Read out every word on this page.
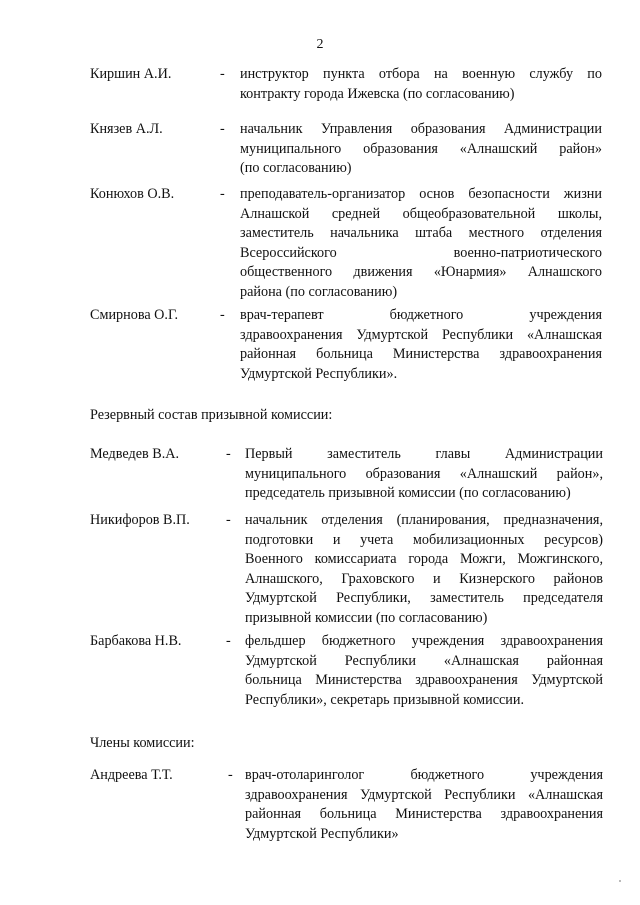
2
Киршин А.И.	- инструктор пункта отбора на военную службу по
контракту города Ижевска (по согласованию)
Князев А.Л.	- начальник Управления образования Администрации
муниципального образования «Алнашский район»
(по согласованию)
Конюхов О.В.	- преподаватель-организатор основ безопасности жизни
Алнашской средней общеобразовательной школы,
заместитель начальника штаба местного отделения
Всероссийского военно-патриотического
общественного движения «Юнармия» Алнашского
района (по согласованию)
Смирнова О.Г.	- врач-терапевт бюджетного учреждения
здравоохранения Удмуртской Республики «Алнашская
районная больница Министерства здравоохранения
Удмуртской Республики».
Резервный состав призывной комиссии:
Медведев В.А.	- Первый заместитель главы Администрации
муниципального образования «Алнашский район»,
председатель призывной комиссии (по согласованию)
Никифоров В.П.	- начальник отделения (планирования, предназначения,
подготовки и учета мобилизационных ресурсов)
Военного комиссариата города Можги, Можгинского,
Алнашского, Граховского и Кизнерского районов
Удмуртской Республики, заместитель председателя
призывной комиссии (по согласованию)
Барбакова Н.В.	- фельдшер бюджетного учреждения здравоохранения
Удмуртской Республики «Алнашская районная
больница Министерства здравоохранения Удмуртской
Республики», секретарь призывной комиссии.
Члены комиссии:
Андреева Т.Т.	- врач-отоларинголог бюджетного учреждения
здравоохранения Удмуртской Республики «Алнашская
районная больница Министерства здравоохранения
Удмуртской Республики»
